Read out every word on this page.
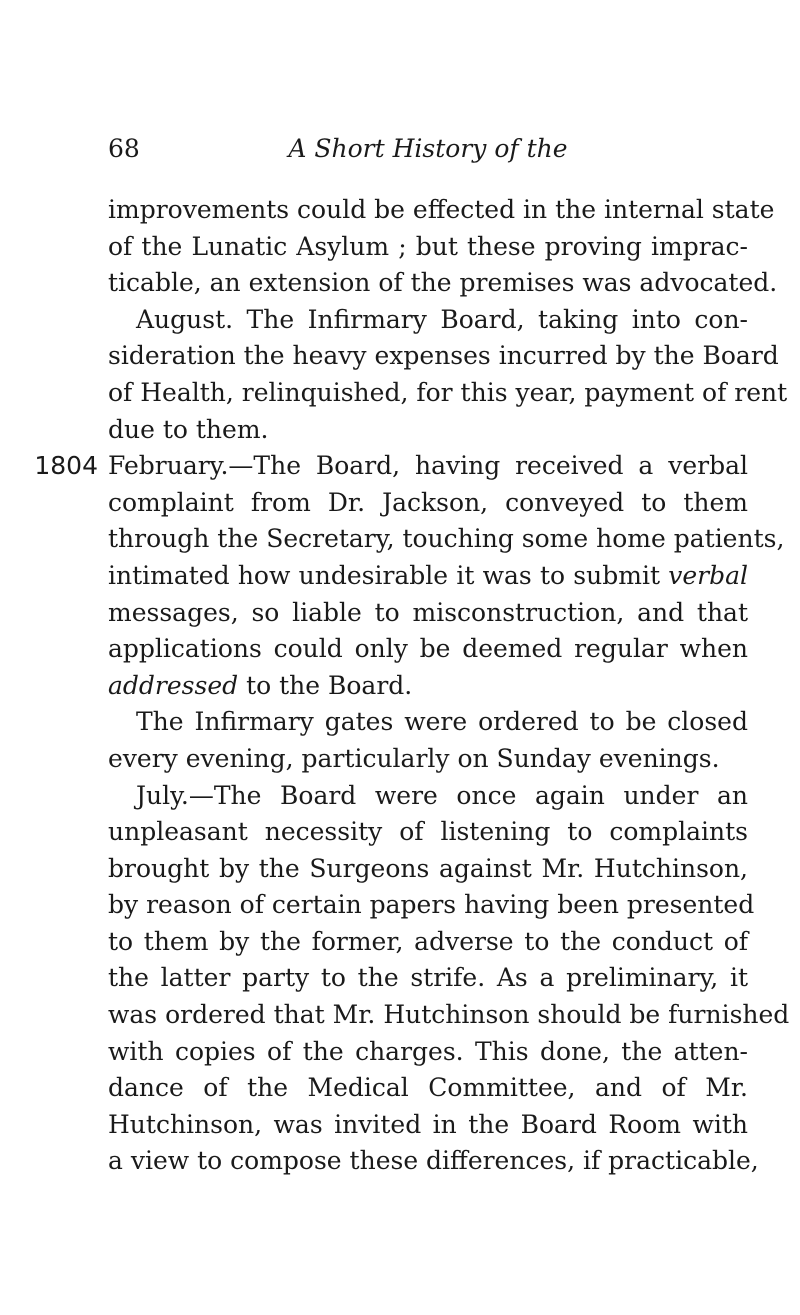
68	A Short History of the
1804
improvements could be effected in the internal state
of the Lunatic Asylum ; but these proving imprac-
ticable, an extension of the premises was advocated.
August. The Infirmary Board, taking into con-
sideration the heavy expenses incurred by the Board
of Health, relinquished, for this year, payment of rent
due to them.
February.—The Board, having received a verbal
complaint from Dr. Jackson, conveyed to them
through the Secretary, touching some home patients,
intimated how undesirable it was to submit verbal
messages, so liable to misconstruction, and that
applications could only be deemed regular when
addressed to the Board.
The Infirmary gates were ordered to be closed
every evening, particularly on Sunday evenings.
July.—The Board were once again under an
unpleasant necessity of listening to complaints
brought by the Surgeons against Mr. Hutchinson,
by reason of certain papers having been presented
to them by the former, adverse to the conduct of
the latter party to the strife. As a preliminary, it
was ordered that Mr. Hutchinson should be furnished
with copies of the charges. This done, the atten-
dance of the Medical Committee, and of Mr.
Hutchinson, was invited in the Board Room with
a view to compose these differences, if practicable,
